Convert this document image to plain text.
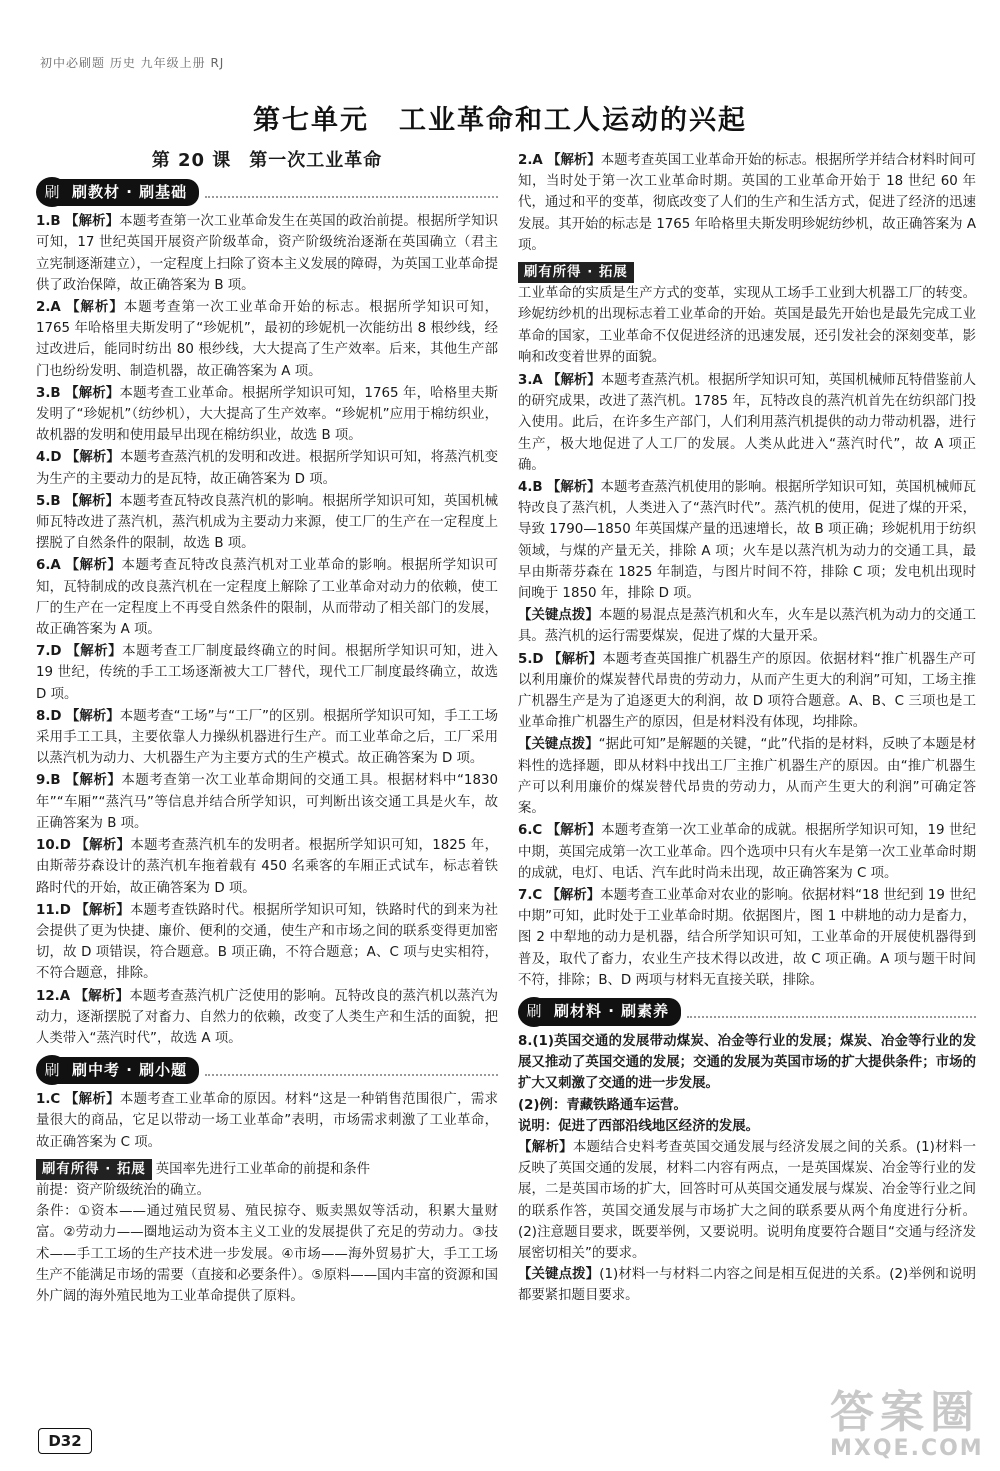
初中必刷题 历史 九年级上册 RJ
第七单元 工业革命和工人运动的兴起
第 20 课 第一次工业革命
刷 刷教材 · 刷基础

1.B 【解析】本题考查第一次工业革命发生在英国的政治前提。根据所学知识可知，17 世纪英国开展资产阶级革命，资产阶级统治逐渐在英国确立（君主立宪制逐渐建立），一定程度上扫除了资本主义发展的障碍，为英国工业革命提供了政治保障，故正确答案为 B 项。

2.A 【解析】本题考查第一次工业革命开始的标志。根据所学知识可知，1765 年哈格里夫斯发明了“珍妮机”，最初的珍妮机一次能纺出 8 根纱线，经过改进后，能同时纺出 80 根纱线，大大提高了生产效率。后来，其他生产部门也纷纷发明、制造机器，故正确答案为 A 项。

3.B 【解析】本题考查工业革命。根据所学知识可知，1765 年，哈格里夫斯发明了“珍妮机”（纺纱机），大大提高了生产效率。“珍妮机”应用于棉纺织业，故机器的发明和使用最早出现在棉纺织业，故选 B 项。

4.D 【解析】本题考查蒸汽机的发明和改进。根据所学知识可知，将蒸汽机变为生产的主要动力的是瓦特，故正确答案为 D 项。

5.B 【解析】本题考查瓦特改良蒸汽机的影响。根据所学知识可知，英国机械师瓦特改进了蒸汽机，蒸汽机成为主要动力来源，使工厂的生产在一定程度上摆脱了自然条件的限制，故选 B 项。

6.A 【解析】本题考查瓦特改良蒸汽机对工业革命的影响。根据所学知识可知，瓦特制成的改良蒸汽机在一定程度上解除了工业革命对动力的依赖，使工厂的生产在一定程度上不再受自然条件的限制，从而带动了相关部门的发展，故正确答案为 A 项。

7.D 【解析】本题考查工厂制度最终确立的时间。根据所学知识可知，进入 19 世纪，传统的手工工场逐渐被大工厂替代，现代工厂制度最终确立，故选 D 项。

8.D 【解析】本题考查“工场”与“工厂”的区别。根据所学知识可知，手工工场采用手工工具，主要依靠人力操纵机器进行生产。而工业革命之后，工厂采用以蒸汽机为动力、大机器生产为主要方式的生产模式。故正确答案为 D 项。

9.B 【解析】本题考查第一次工业革命期间的交通工具。根据材料中“1830 年”“车厢”“蒸汽马”等信息并结合所学知识，可判断出该交通工具是火车，故正确答案为 B 项。

10.D 【解析】本题考查蒸汽机车的发明者。根据所学知识可知，1825 年，由斯蒂芬森设计的蒸汽机车拖着载有 450 名乘客的车厢正式试车，标志着铁路时代的开始，故正确答案为 D 项。

11.D 【解析】本题考查铁路时代。根据所学知识可知，铁路时代的到来为社会提供了更为快捷、廉价、便利的交通，使生产和市场之间的联系变得更加密切，故 D 项错误，符合题意。B 项正确，不符合题意；A、C 项与史实相符，不符合题意，排除。

12.A 【解析】本题考查蒸汽机广泛使用的影响。瓦特改良的蒸汽机以蒸汽为动力，逐渐摆脱了对畜力、自然力的依赖，改变了人类生产和生活的面貌，把人类带入“蒸汽时代”，故选 A 项。

刷 刷中考 · 刷小题

1.C 【解析】本题考查工业革命的原因。材料“这是一种销售范围很广，需求量很大的商品，它足以带动一场工业革命”表明，市场需求刺激了工业革命，故正确答案为 C 项。

刷有所得 · 拓展 英国率先进行工业革命的前提和条件

前提：资产阶级统治的确立。

条件：①资本——通过殖民贸易、殖民掠夺、贩卖黑奴等活动，积累大量财富。②劳动力——圈地运动为资本主义工业的发展提供了充足的劳动力。③技术——手工工场的生产技术进一步发展。④市场——海外贸易扩大，手工工场生产不能满足市场的需要（直接和必要条件）。⑤原料——国内丰富的资源和国外广阔的海外殖民地为工业革命提供了原料。

2.A 【解析】本题考查英国工业革命开始的标志。根据所学并结合材料时间可知，当时处于第一次工业革命时期。英国的工业革命开始于 18 世纪 60 年代，通过和平的变革，彻底改变了人们的生产和生活方式，促进了经济的迅速发展。其开始的标志是 1765 年哈格里夫斯发明珍妮纺纱机，故正确答案为 A 项。

刷有所得 · 拓展

工业革命的实质是生产方式的变革，实现从工场手工业到大机器工厂的转变。珍妮纺纱机的出现标志着工业革命的开始。英国是最先开始也是最先完成工业革命的国家，工业革命不仅促进经济的迅速发展，还引发社会的深刻变革，影响和改变着世界的面貌。

3.A 【解析】本题考查蒸汽机。根据所学知识可知，英国机械师瓦特借鉴前人的研究成果，改进了蒸汽机。1785 年，瓦特改良的蒸汽机首先在纺织部门投入使用。此后，在许多生产部门，人们利用蒸汽机提供的动力带动机器，进行生产，极大地促进了人工厂的发展。人类从此进入“蒸汽时代”，故 A 项正确。

4.B 【解析】本题考查蒸汽机使用的影响。根据所学知识可知，英国机械师瓦特改良了蒸汽机，人类进入了“蒸汽时代”。蒸汽机的使用，促进了煤的开采，导致 1790—1850 年英国煤产量的迅速增长，故 B 项正确；珍妮机用于纺织领域，与煤的产量无关，排除 A 项；火车是以蒸汽机为动力的交通工具，最早由斯蒂芬森在 1825 年制造，与图片时间不符，排除 C 项；发电机出现时间晚于 1850 年，排除 D 项。

【关键点拨】本题的易混点是蒸汽机和火车，火车是以蒸汽机为动力的交通工具。蒸汽机的运行需要煤炭，促进了煤的大量开采。

5.D 【解析】本题考查英国推广机器生产的原因。依据材料“推广机器生产可以利用廉价的煤炭替代昂贵的劳动力，从而产生更大的利润”可知，工场主推广机器生产是为了追逐更大的利润，故 D 项符合题意。A、B、C 三项也是工业革命推广机器生产的原因，但是材料没有体现，均排除。

【关键点拨】“据此可知”是解题的关键，“此”代指的是材料，反映了本题是材料性的选择题，即从材料中找出工厂主推广机器生产的原因。由“推广机器生产可以利用廉价的煤炭替代昂贵的劳动力，从而产生更大的利润”可确定答案。

6.C 【解析】本题考查第一次工业革命的成就。根据所学知识可知，19 世纪中期，英国完成第一次工业革命。四个选项中只有火车是第一次工业革命时期的成就，电灯、电话、汽车此时尚未出现，故正确答案为 C 项。

7.C 【解析】本题考查工业革命对农业的影响。依据材料“18 世纪到 19 世纪中期”可知，此时处于工业革命时期。依据图片，图 1 中耕地的动力是畜力，图 2 中犁地的动力是机器，结合所学知识可知，工业革命的开展使机器得到普及，取代了畜力，农业生产技术得以改进，故 C 项正确。A 项与题干时间不符，排除；B、D 两项与材料无直接关联，排除。

刷 刷材料 · 刷素养

8.(1)英国交通的发展带动煤炭、冶金等行业的发展；煤炭、冶金等行业的发展又推动了英国交通的发展；交通的发展为英国市场的扩大提供条件；市场的扩大又刺激了交通的进一步发展。

(2)例：青藏铁路通车运营。

说明：促进了西部沿线地区经济的发展。

【解析】本题结合史料考查英国交通发展与经济发展之间的关系。(1)材料一反映了英国交通的发展，材料二内容有两点，一是英国煤炭、冶金等行业的发展，二是英国市场的扩大，回答时可从英国交通发展与煤炭、冶金等行业之间的联系作答，英国交通发展与市场扩大之间的联系要从两个角度进行分析。(2)注意题目要求，既要举例，又要说明。说明角度要符合题目“交通与经济发展密切相关”的要求。

【关键点拨】(1)材料一与材料二内容之间是相互促进的关系。(2)举例和说明都要紧扣题目要求。

D32
答案圈
MXQE.COM
